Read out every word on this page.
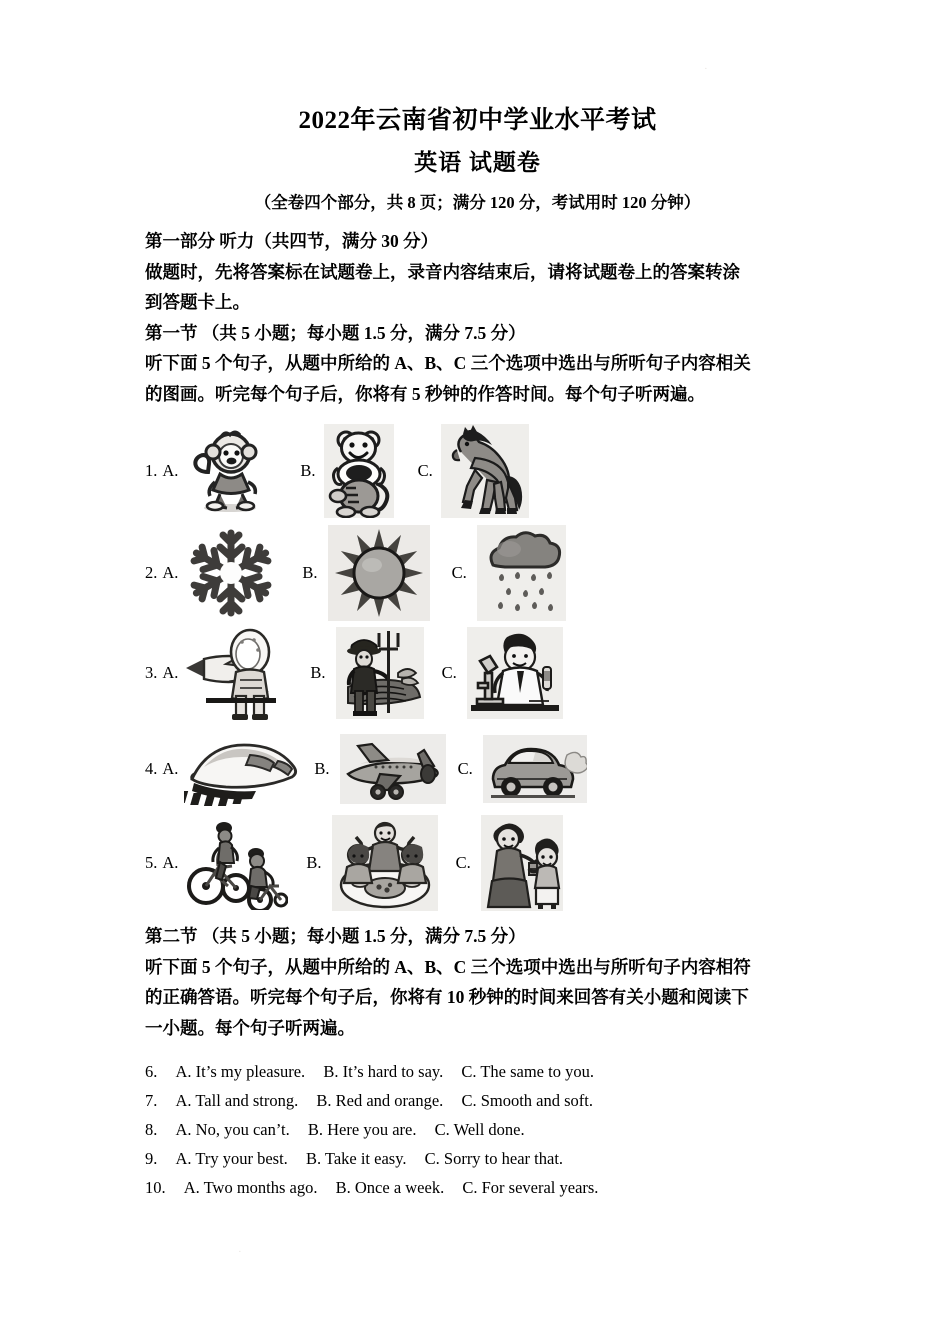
·
·
2022年云南省初中学业水平考试
英语 试题卷
（全卷四个部分，共 8 页；满分 120 分，考试用时 120 分钟）
第一部分 听力（共四节，满分 30 分）
做题时，先将答案标在试题卷上，录音内容结束后，请将试题卷上的答案转涂
到答题卡上。
第一节 （共 5 小题；每小题 1.5 分，满分 7.5 分）
听下面 5 个句子，从题中所给的 A、B、C 三个选项中选出与所听句子内容相关
的图画。听完每个句子后，你将有 5 秒钟的作答时间。每个句子听两遍。
1. A.	B.	C.
2. A.	B.	C.
3. A.	B.	C.
4. A.	B.	C.
5. A.	B.	C.
第二节 （共 5 小题；每小题 1.5 分，满分 7.5 分）
听下面 5 个句子，从题中所给的 A、B、C 三个选项中选出与所听句子内容相符
的正确答语。听完每个句子后，你将有 10 秒钟的时间来回答有关小题和阅读下
一小题。每个句子听两遍。
6. A. It’s my pleasure. B. It’s hard to say. C. The same to you.
7. A. Tall and strong. B. Red and orange. C. Smooth and soft.
8. A. No, you can’t. B. Here you are. C. Well done.
9. A. Try your best. B. Take it easy. C. Sorry to hear that.
10. A. Two months ago. B. Once a week. C. For several years.
